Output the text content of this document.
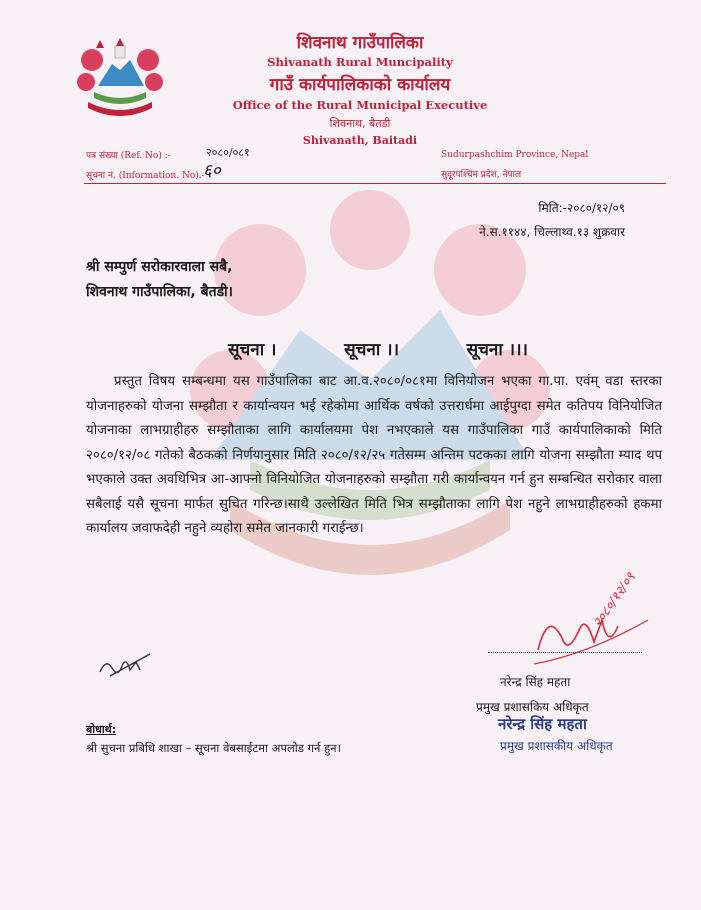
शिवनाथ गाउँपालिका
Shivanath Rural Muncipality
गाउँ कार्यपालिकाको कार्यालय
Office of the Rural Municipal Executive
शिवनाथ, बैतडी
Shivanath, Baitadi
पत्र संख्या (Ref. No) :-	२०८०/०८१
सूचना नं. (Information. No).-
६०
Sudurpashchim Province, Nepal
सुदूरपश्चिम प्रदेश, नेपाल
मिति:-२०८०/१२/०९
ने.स.११४४, चिल्लाथ्व.१३ शुक्रवार
श्री सम्पुर्ण सरोकारवाला सबै,
शिवनाथ गाउँपालिका, बैतडी।
सूचना ।	सूचना ।।	सूचना ।।।
प्रस्तुत विषय सम्बन्धमा यस गाउँपालिका बाट आ.व.२०८०/०८१मा विनियोजन भएका गा.पा. एवंम् वडा स्तरका योजनाहरुको योजना सम्झौता र कार्यान्वयन भई रहेकोमा आर्थिक वर्षको उत्तरार्धमा आईपुग्दा समेत कतिपय विनियोजित योजनाका लाभग्राहीहरु सम्झौताका लागि कार्यालयमा पेश नभएकाले यस गाउँपालिका गाउँ कार्यपालिकाको मिति २०८०/१२/०८ गतेको बैठकको निर्णयानुसार मिति २०८०/१२/२५ गतेसम्म अन्तिम पटकका लागि योजना सम्झौता म्याद थप भएकाले उक्त अवधिभित्र आ-आफ्नो विनियोजित योजनाहरुको सम्झौता गरी कार्यान्वयन गर्न हुन सम्बन्धित सरोकार वाला सबैलाई यसै सूचना मार्फत सुचित गरिन्छ।साथै उल्लेखित मिति भित्र सम्झौताका लागि पेश नहुने लाभग्राहीहरुको हकमा कार्यालय जवाफदेही नहुने व्यहोरा समेत जानकारी गराईन्छ।
२०८०/१२/०९
नरेन्द्र सिंह महता
प्रमुख प्रशासकिय अधिकृत
नरेन्द्र सिंह महता
प्रमुख प्रशासकीय अधिकृत
बोधार्थ:
श्री सुचना प्रबिधि शाखा – सूचना वेबसाईटमा अपलोड गर्न हुन।
